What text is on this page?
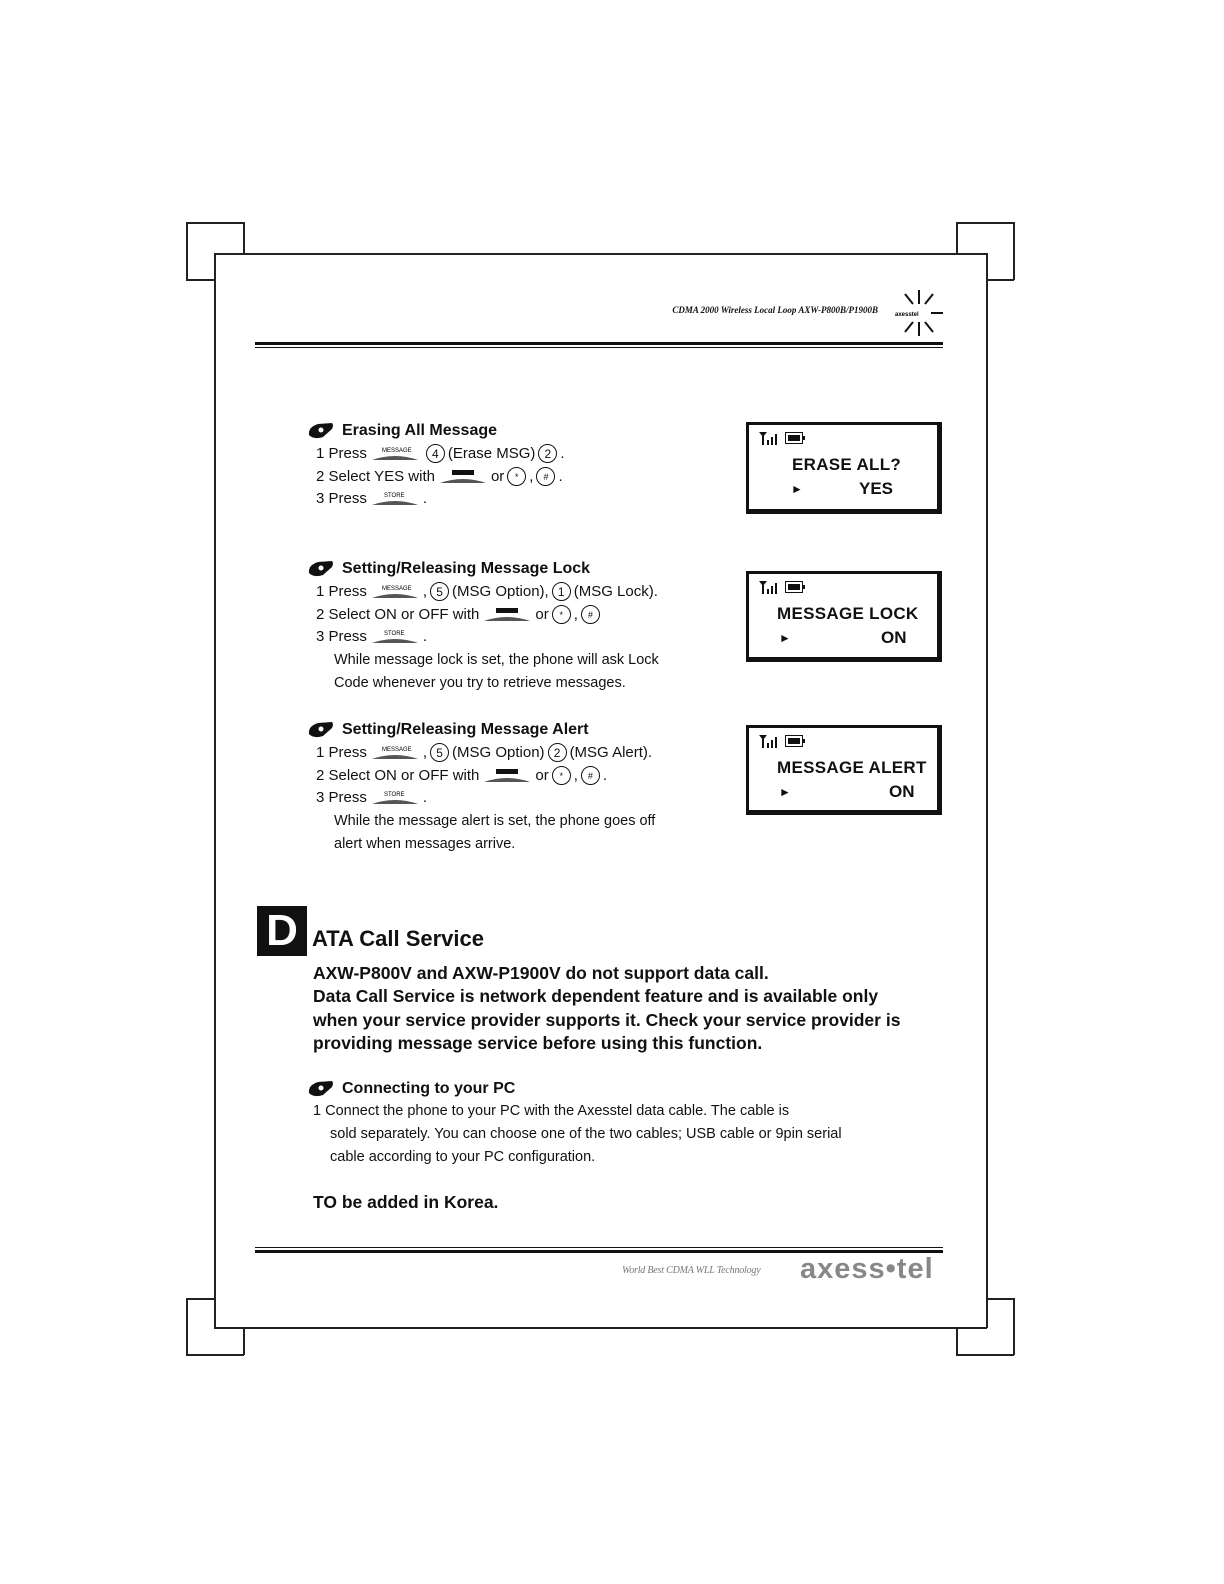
CDMA 2000 Wireless Local Loop AXW-P800B/P1900B	axesstel
Erasing All Message
1 Press	MESSAGE	4 (Erase MSG) 2 .
2 Select YES with	or	* ,	# .
3 Press	STORE .
ERASE ALL?
►	YES
Setting/Releasing Message Lock
1 Press	MESSAGE , 5 (MSG Option), 1 (MSG Lock).
2 Select ON or OFF with	or	* ,	#
3 Press	STORE .
While message lock is set, the phone will ask Lock
Code whenever you try to retrieve messages.
MESSAGE LOCK
►	ON
Setting/Releasing Message Alert
1 Press	MESSAGE , 5 (MSG Option) 2 (MSG Alert).
2 Select ON or OFF with	or	* ,	# .
3 Press	STORE .
While the message alert is set, the phone goes off
alert when messages arrive.
MESSAGE ALERT
►	ON
D ATA Call Service
AXW-P800V and AXW-P1900V do not support data call.
Data Call Service is network dependent feature and is available only
when your service provider supports it. Check your service provider is
providing message service before using this function.
Connecting to your PC
1 Connect the phone to your PC with the Axesstel data cable. The cable is
sold separately. You can choose one of the two cables; USB cable or 9pin serial
cable according to your PC configuration.
TO be added in Korea.
World Best CDMA WLL Technology axess•tel
